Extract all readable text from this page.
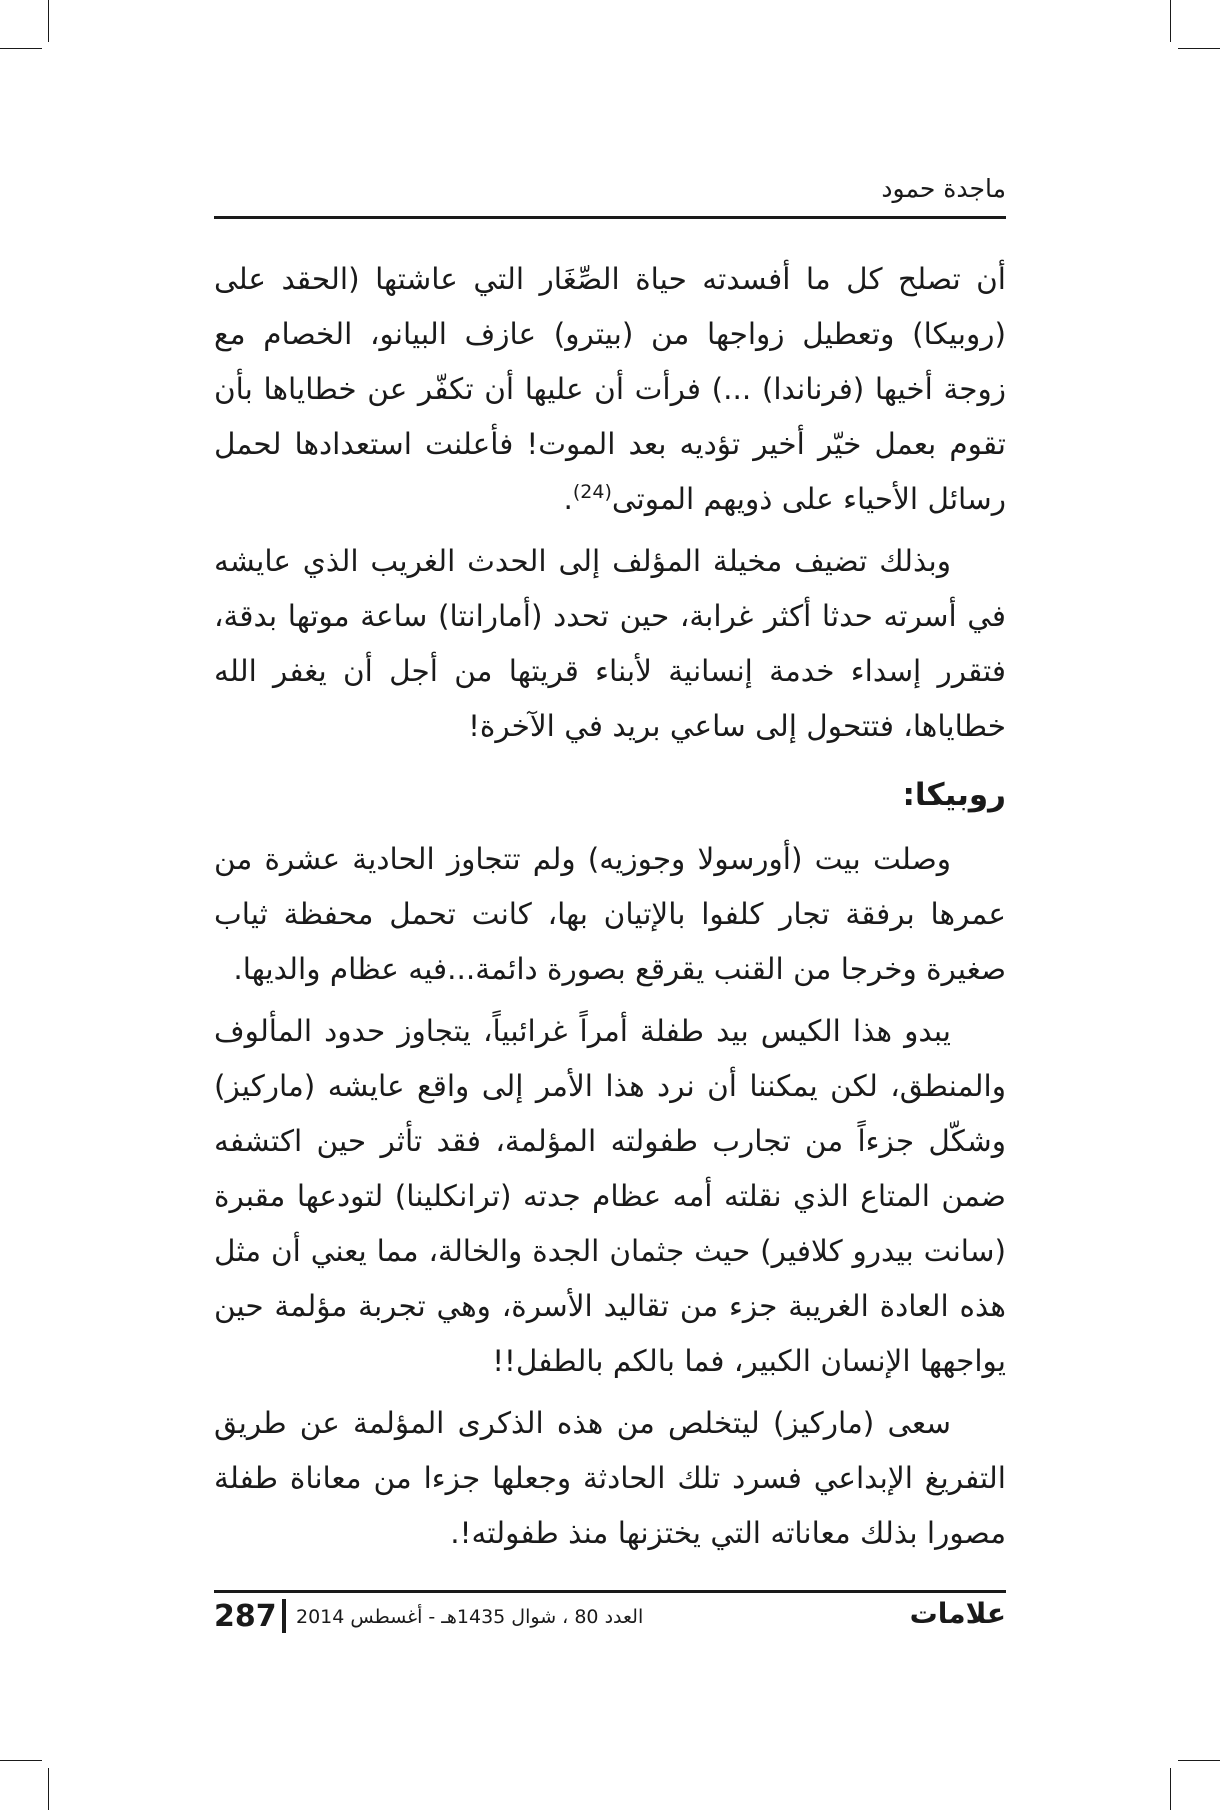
ماجدة حمود

أن تصلح كل ما أفسدته حياة الصِّغَار التي عاشتها (الحقد على (روبيكا) وتعطيل زواجها من (بيترو) عازف البيانو، الخصام مع زوجة أخيها (فرناندا) ...) فرأت أن عليها أن تكفّر عن خطاياها بأن تقوم بعمل خيّر أخير تؤديه بعد الموت! فأعلنت استعدادها لحمل رسائل الأحياء على ذويهم الموتى$^{(24)}$.

وبذلك تضيف مخيلة المؤلف إلى الحدث الغريب الذي عايشه في أسرته حدثا أكثر غرابة، حين تحدد (أمارانتا) ساعة موتها بدقة، فتقرر إسداء خدمة إنسانية لأبناء قريتها من أجل أن يغفر الله خطاياها، فتتحول إلى ساعي بريد في الآخرة!

روبيكا:

وصلت بيت (أورسولا وجوزيه) ولم تتجاوز الحادية عشرة من عمرها برفقة تجار كلفوا بالإتيان بها، كانت تحمل محفظة ثياب صغيرة وخرجا من القنب يقرقع بصورة دائمة...فيه عظام والديها.

يبدو هذا الكيس بيد طفلة أمراً غرائبياً، يتجاوز حدود المألوف والمنطق، لكن يمكننا أن نرد هذا الأمر إلى واقع عايشه (ماركيز) وشكّل جزءاً من تجارب طفولته المؤلمة، فقد تأثر حين اكتشفه ضمن المتاع الذي نقلته أمه عظام جدته (ترانكلينا) لتودعها مقبرة (سانت بيدرو كلافير) حيث جثمان الجدة والخالة، مما يعني أن مثل هذه العادة الغريبة جزء من تقاليد الأسرة، وهي تجربة مؤلمة حين يواجهها الإنسان الكبير، فما بالكم بالطفل!!

سعى (ماركيز) ليتخلص من هذه الذكرى المؤلمة عن طريق التفريغ الإبداعي فسرد تلك الحادثة وجعلها جزءا من معاناة طفلة مصورا بذلك معاناته التي يختزنها منذ طفولته!.

287 العدد 80 ، شوال 1435هـ - أغسطس 2014	علامات
